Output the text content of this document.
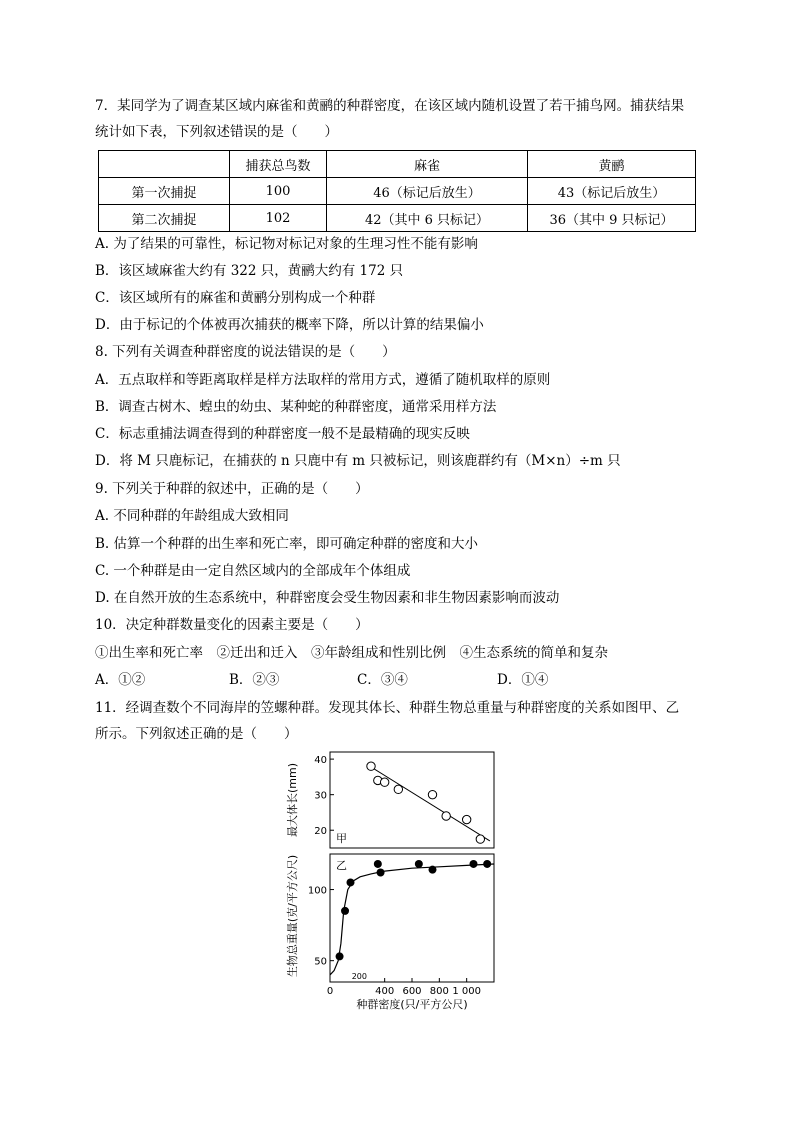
7．某同学为了调查某区域内麻雀和黄鹂的种群密度，在该区域内随机设置了若干捕鸟网。捕获结果
统计如下表，下列叙述错误的是（　　）
	捕获总鸟数	麻雀	黄鹂
第一次捕捉	100	46（标记后放生）	43（标记后放生）
第二次捕捉	102	42（其中 6 只标记）	36（其中 9 只标记）
A. 为了结果的可靠性，标记物对标记对象的生理习性不能有影响
B．该区域麻雀大约有 322 只，黄鹂大约有 172 只
C．该区域所有的麻雀和黄鹂分别构成一个种群
D．由于标记的个体被再次捕获的概率下降，所以计算的结果偏小
8. 下列有关调查种群密度的说法错误的是（　　）
A．五点取样和等距离取样是样方法取样的常用方式，遵循了随机取样的原则
B．调查古树木、蝗虫的幼虫、某种蛇的种群密度，通常采用样方法
C．标志重捕法调查得到的种群密度一般不是最精确的现实反映
D．将 M 只鹿标记，在捕获的 n 只鹿中有 m 只被标记，则该鹿群约有（M×n）÷m 只
9. 下列关于种群的叙述中，正确的是（　　）
A. 不同种群的年龄组成大致相同
B. 估算一个种群的出生率和死亡率，即可确定种群的密度和大小
C. 一个种群是由一定自然区域内的全部成年个体组成
D. 在自然开放的生态系统中，种群密度会受生物因素和非生物因素影响而波动
10．决定种群数量变化的因素主要是（　　）
①出生率和死亡率　②迁出和迁入　③年龄组成和性别比例　④生态系统的简单和复杂
A．①②	B．②③	C．③④	D．①④
11．经调查数个不同海岸的笠螺种群。发现其体长、种群生物总重量与种群密度的关系如图甲、乙
所示。下列叙述正确的是（　　）
最大体长(mm)
甲
20
30
40
生物总重量(克/平方公尺)	乙
50
100
0	400 600 800 1 000
200
种群密度(只/平方公尺)
